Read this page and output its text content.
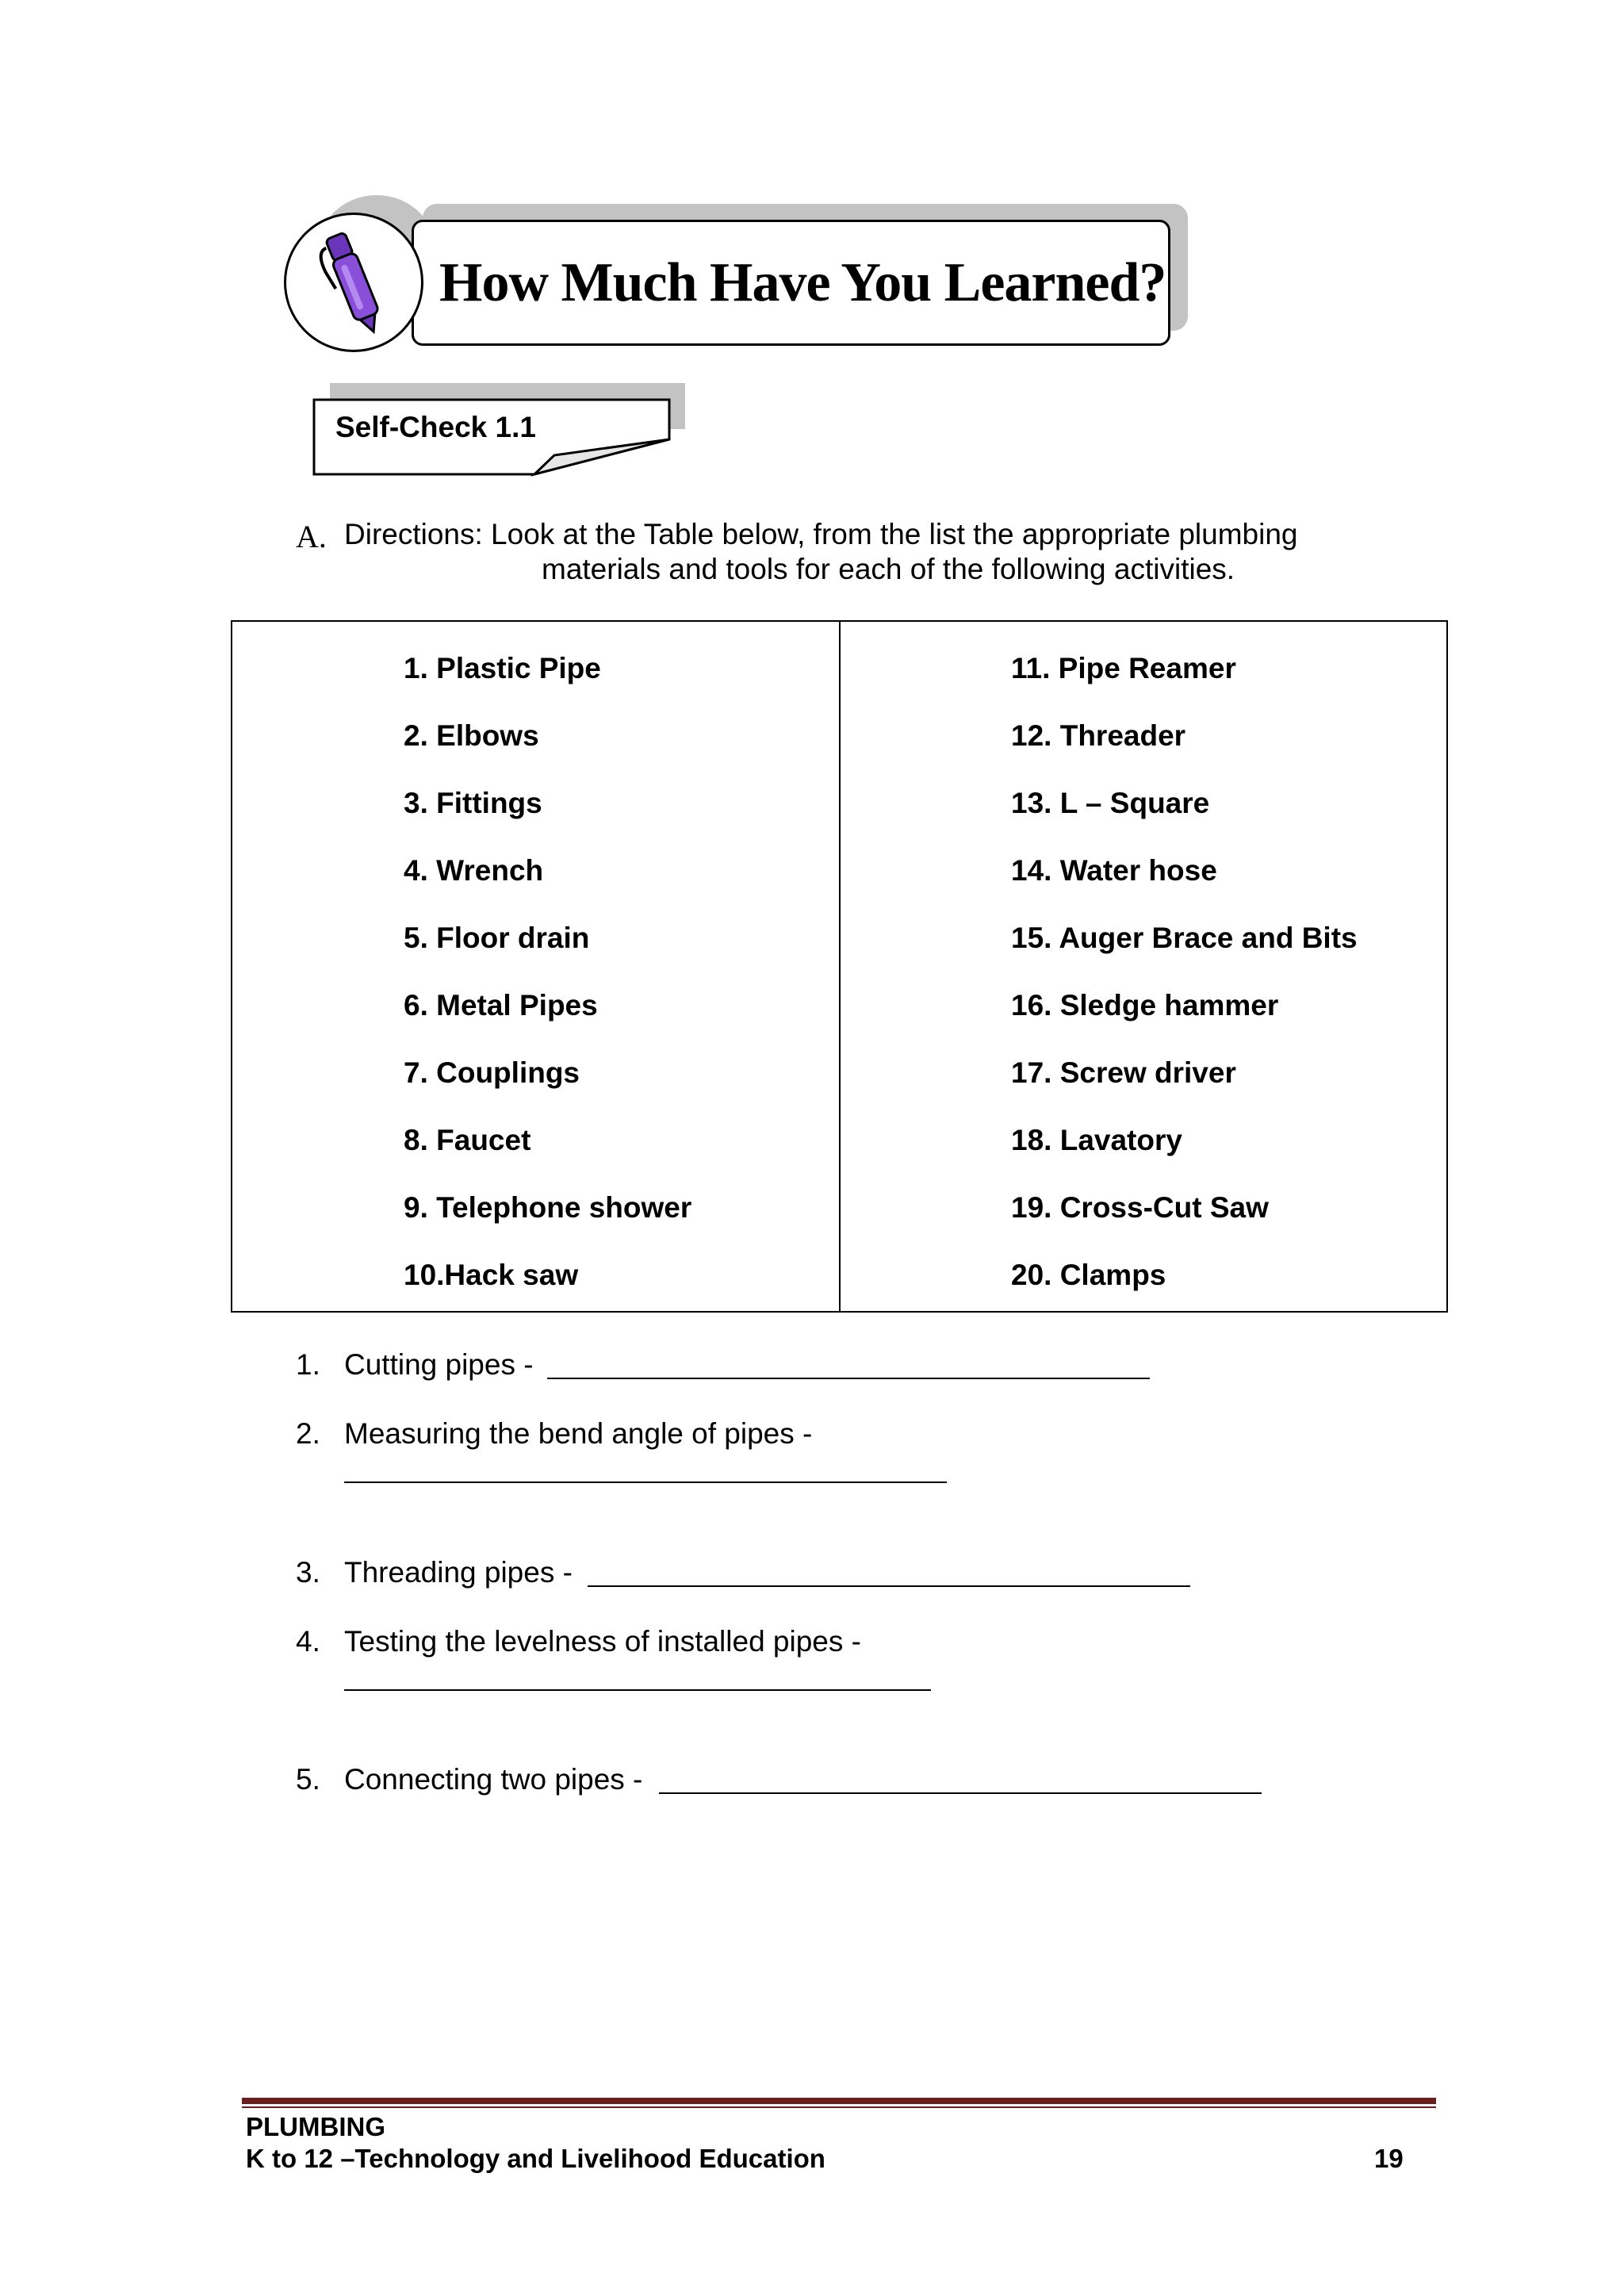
How Much Have You Learned?
Self-Check 1.1
A. Directions: Look at the Table below, from the list the appropriate plumbing
materials and tools for each of the following activities.
1. Plastic Pipe
2. Elbows
3. Fittings
4. Wrench
5. Floor drain
6. Metal Pipes
7. Couplings
8. Faucet
9. Telephone shower
10.Hack saw
11. Pipe Reamer
12. Threader
13. L – Square
14. Water hose
15. Auger Brace and Bits
16. Sledge hammer
17. Screw driver
18. Lavatory
19. Cross-Cut Saw
20. Clamps
1. Cutting pipes -
2. Measuring the bend angle of pipes -
3. Threading pipes -
4. Testing the levelness of installed pipes -
5. Connecting two pipes -
PLUMBING
K to 12 –Technology and Livelihood Education	19
